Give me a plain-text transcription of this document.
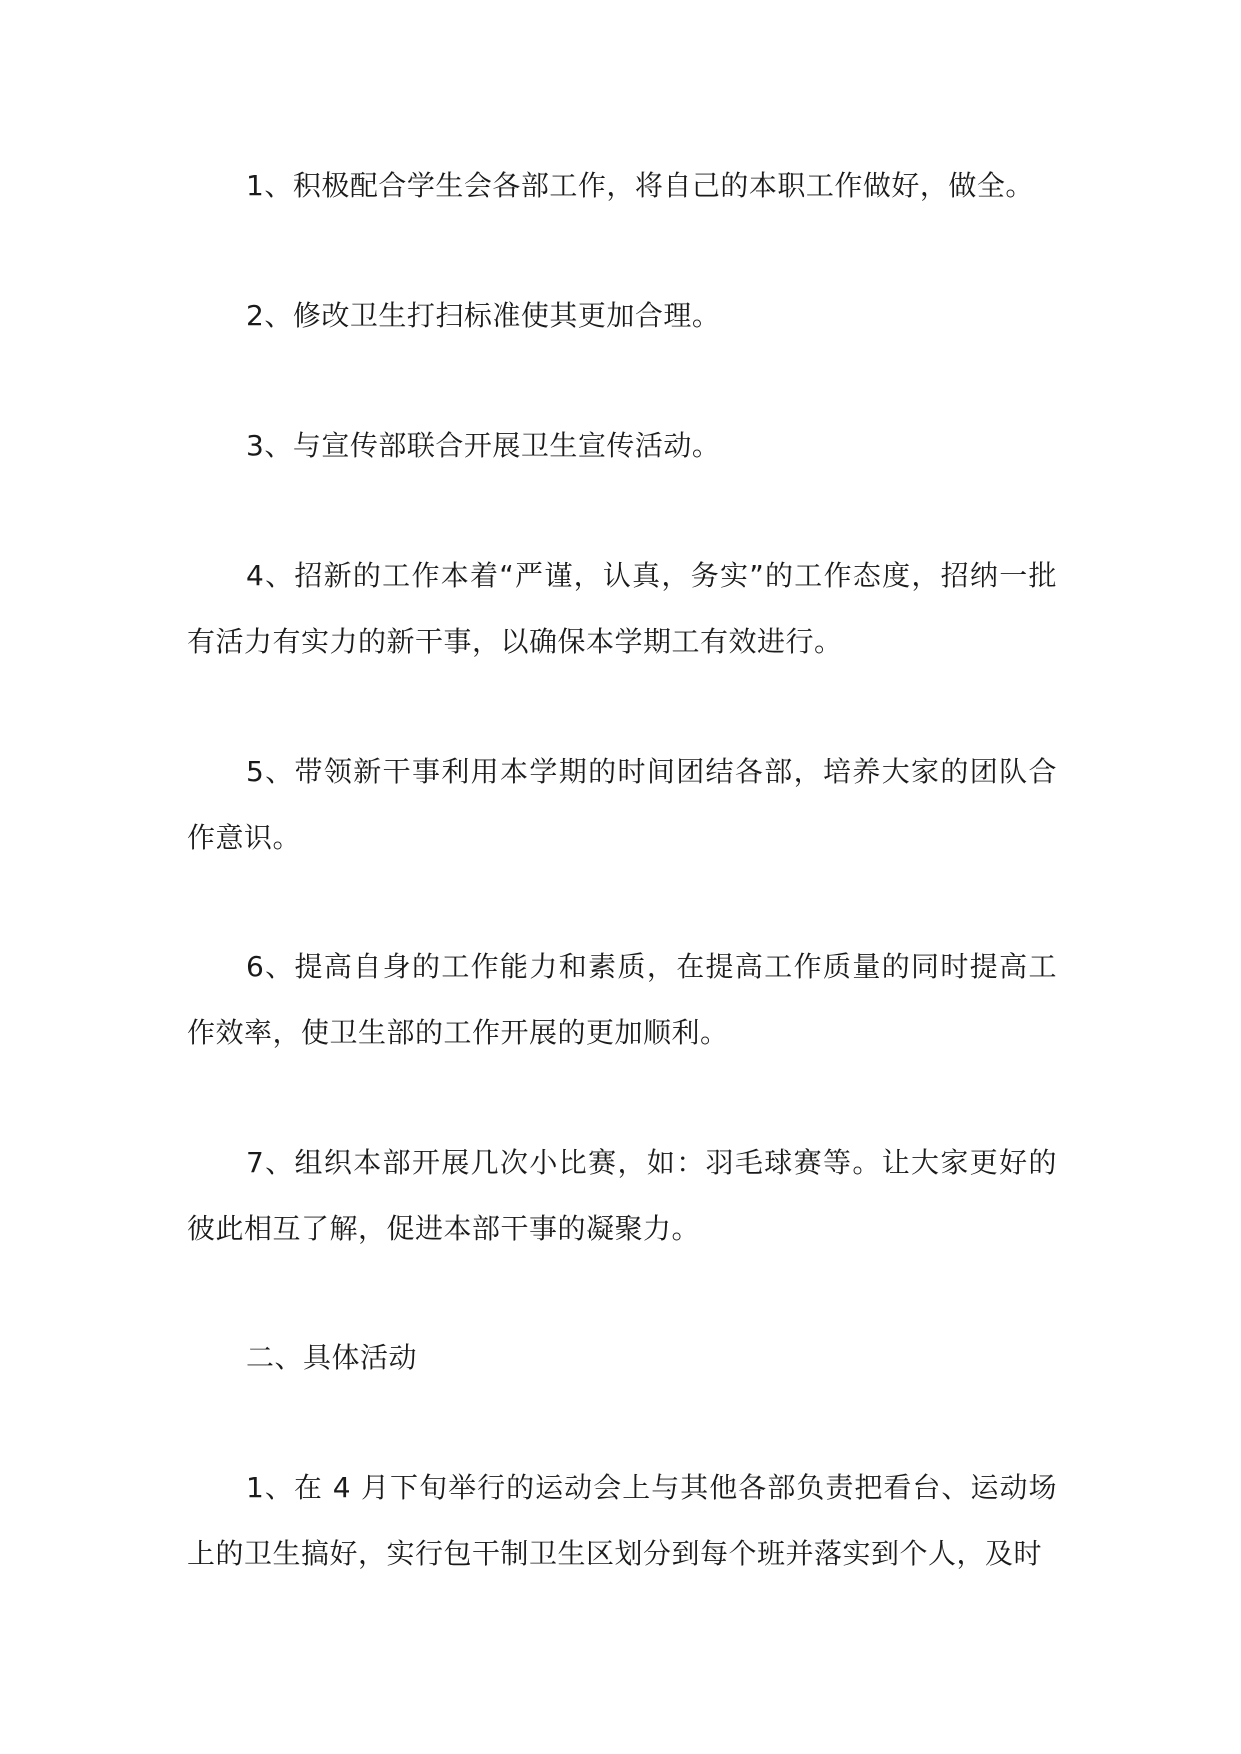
1、积极配合学生会各部工作，将自己的本职工作做好，做全。

2、修改卫生打扫标准使其更加合理。

3、与宣传部联合开展卫生宣传活动。

4、招新的工作本着“严谨，认真，务实”的工作态度，招纳一批有活力有实力的新干事，以确保本学期工有效进行。

5、带领新干事利用本学期的时间团结各部，培养大家的团队合作意识。

6、提高自身的工作能力和素质，在提高工作质量的同时提高工作效率，使卫生部的工作开展的更加顺利。

7、组织本部开展几次小比赛，如：羽毛球赛等。让大家更好的彼此相互了解，促进本部干事的凝聚力。

二、具体活动

1、在 4 月下旬举行的运动会上与其他各部负责把看台、运动场上的卫生搞好，实行包干制卫生区划分到每个班并落实到个人，及时
